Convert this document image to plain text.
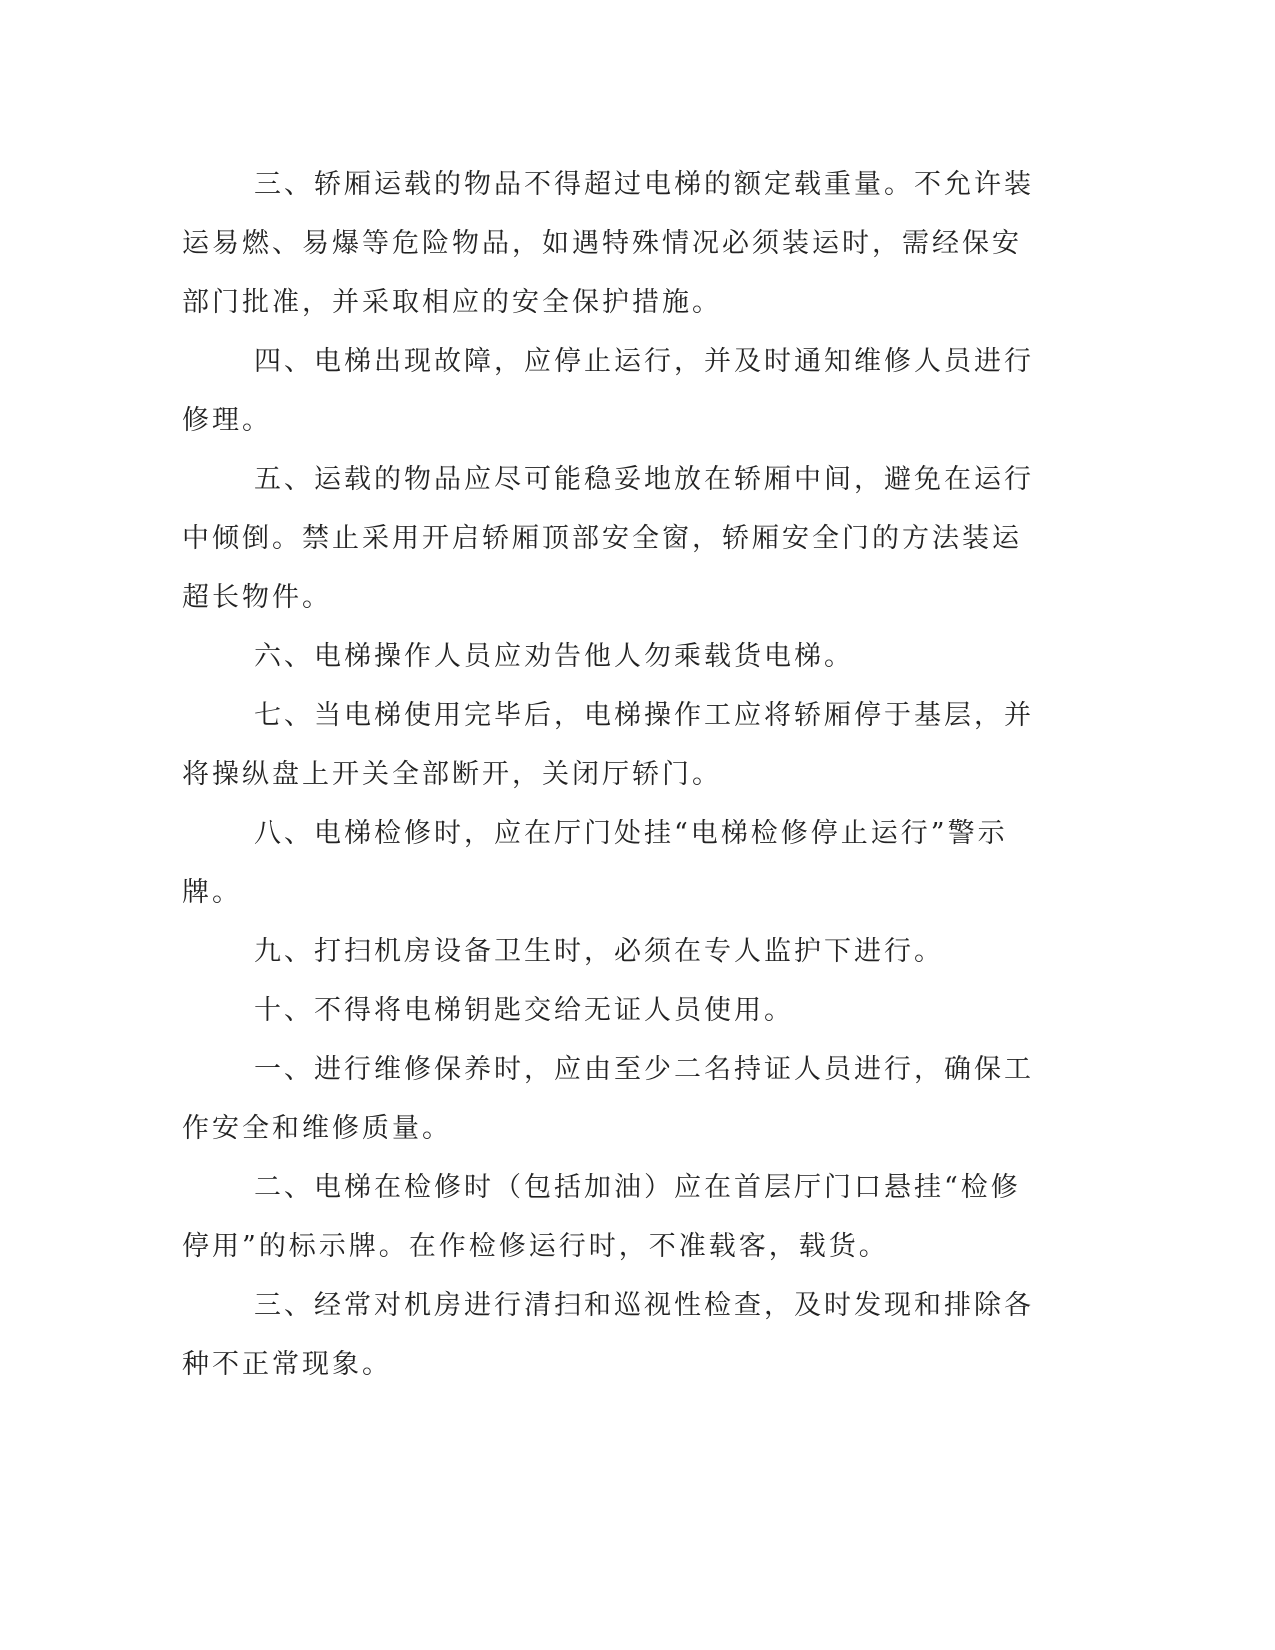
三、轿厢运载的物品不得超过电梯的额定载重量。不允许装运易燃、易爆等危险物品，如遇特殊情况必须装运时，需经保安部门批准，并采取相应的安全保护措施。

四、电梯出现故障，应停止运行，并及时通知维修人员进行修理。

五、运载的物品应尽可能稳妥地放在轿厢中间，避免在运行中倾倒。禁止采用开启轿厢顶部安全窗，轿厢安全门的方法装运超长物件。

六、电梯操作人员应劝告他人勿乘载货电梯。

七、当电梯使用完毕后，电梯操作工应将轿厢停于基层，并将操纵盘上开关全部断开，关闭厅轿门。

八、电梯检修时，应在厅门处挂“电梯检修停止运行”警示牌。

九、打扫机房设备卫生时，必须在专人监护下进行。

十、不得将电梯钥匙交给无证人员使用。

一、进行维修保养时，应由至少二名持证人员进行，确保工作安全和维修质量。

二、电梯在检修时（包括加油）应在首层厅门口悬挂“检修停用”的标示牌。在作检修运行时，不准载客，载货。

三、经常对机房进行清扫和巡视性检查，及时发现和排除各种不正常现象。
